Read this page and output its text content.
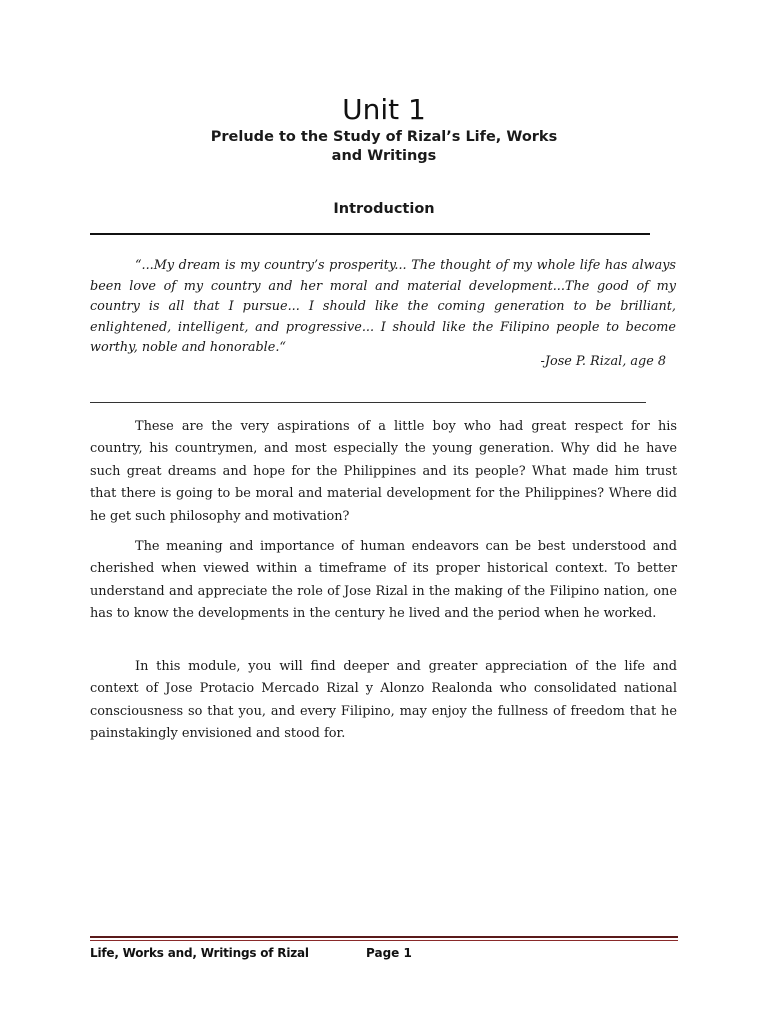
Unit 1
Prelude to the Study of Rizal’s Life, Works
and Writings
Introduction

“...My dream is my country’s prosperity... The thought of my whole life has always been love of my country and her moral and material development...The good of my country is all that I pursue... I should like the coming generation to be brilliant, enlightened, intelligent, and progressive... I should like the Filipino people to become worthy, noble and honorable.“

-Jose P. Rizal, age 8

These are the very aspirations of a little boy who had great respect for his country, his countrymen, and most especially the young generation. Why did he have such great dreams and hope for the Philippines and its people? What made him trust that there is going to be moral and material development for the Philippines? Where did he get such philosophy and motivation?

The meaning and importance of human endeavors can be best understood and cherished when viewed within a timeframe of its proper historical context. To better understand and appreciate the role of Jose Rizal in the making of the Filipino nation, one has to know the developments in the century he lived and the period when he worked.

In this module, you will find deeper and greater appreciation of the life and context of Jose Protacio Mercado Rizal y Alonzo Realonda who consolidated national consciousness so that you, and every Filipino, may enjoy the fullness of freedom that he painstakingly envisioned and stood for.

Life, Works and, Writings of Rizal	Page 1
